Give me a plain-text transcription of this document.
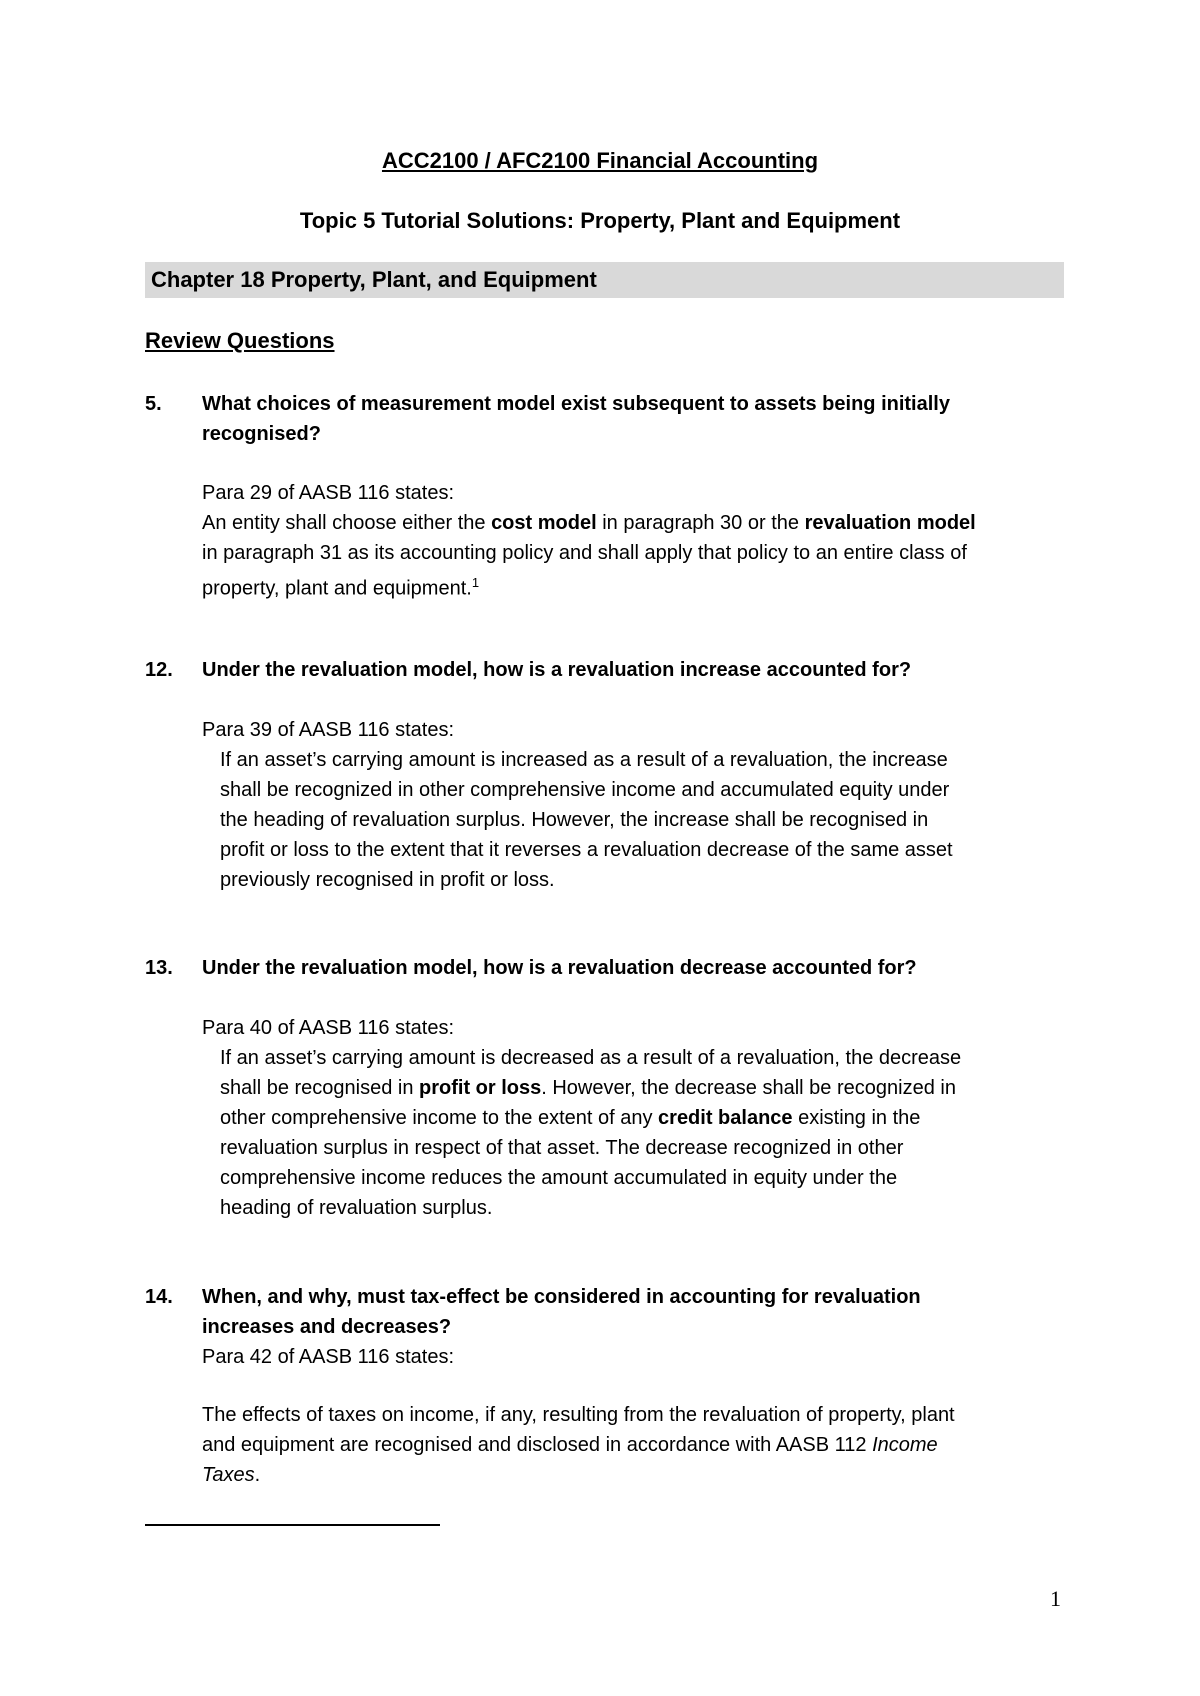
ACC2100 / AFC2100 Financial Accounting
Topic 5 Tutorial Solutions: Property, Plant and Equipment
Chapter 18 Property, Plant, and Equipment
Review Questions
5. What choices of measurement model exist subsequent to assets being initially
recognised?
Para 29 of AASB 116 states:
An entity shall choose either the cost model in paragraph 30 or the revaluation model
in paragraph 31 as its accounting policy and shall apply that policy to an entire class of
property, plant and equipment.$^1$
12. Under the revaluation model, how is a revaluation increase accounted for?
Para 39 of AASB 116 states:
If an asset’s carrying amount is increased as a result of a revaluation, the increase
shall be recognized in other comprehensive income and accumulated equity under
the heading of revaluation surplus. However, the increase shall be recognised in
profit or loss to the extent that it reverses a revaluation decrease of the same asset
previously recognised in profit or loss.
13. Under the revaluation model, how is a revaluation decrease accounted for?
Para 40 of AASB 116 states:
If an asset’s carrying amount is decreased as a result of a revaluation, the decrease
shall be recognised in profit or loss. However, the decrease shall be recognized in
other comprehensive income to the extent of any credit balance existing in the
revaluation surplus in respect of that asset. The decrease recognized in other
comprehensive income reduces the amount accumulated in equity under the
heading of revaluation surplus.
14. When, and why, must tax-effect be considered in accounting for revaluation
increases and decreases?
Para 42 of AASB 116 states:
The effects of taxes on income, if any, resulting from the revaluation of property, plant
and equipment are recognised and disclosed in accordance with AASB 112 Income
Taxes.
1
